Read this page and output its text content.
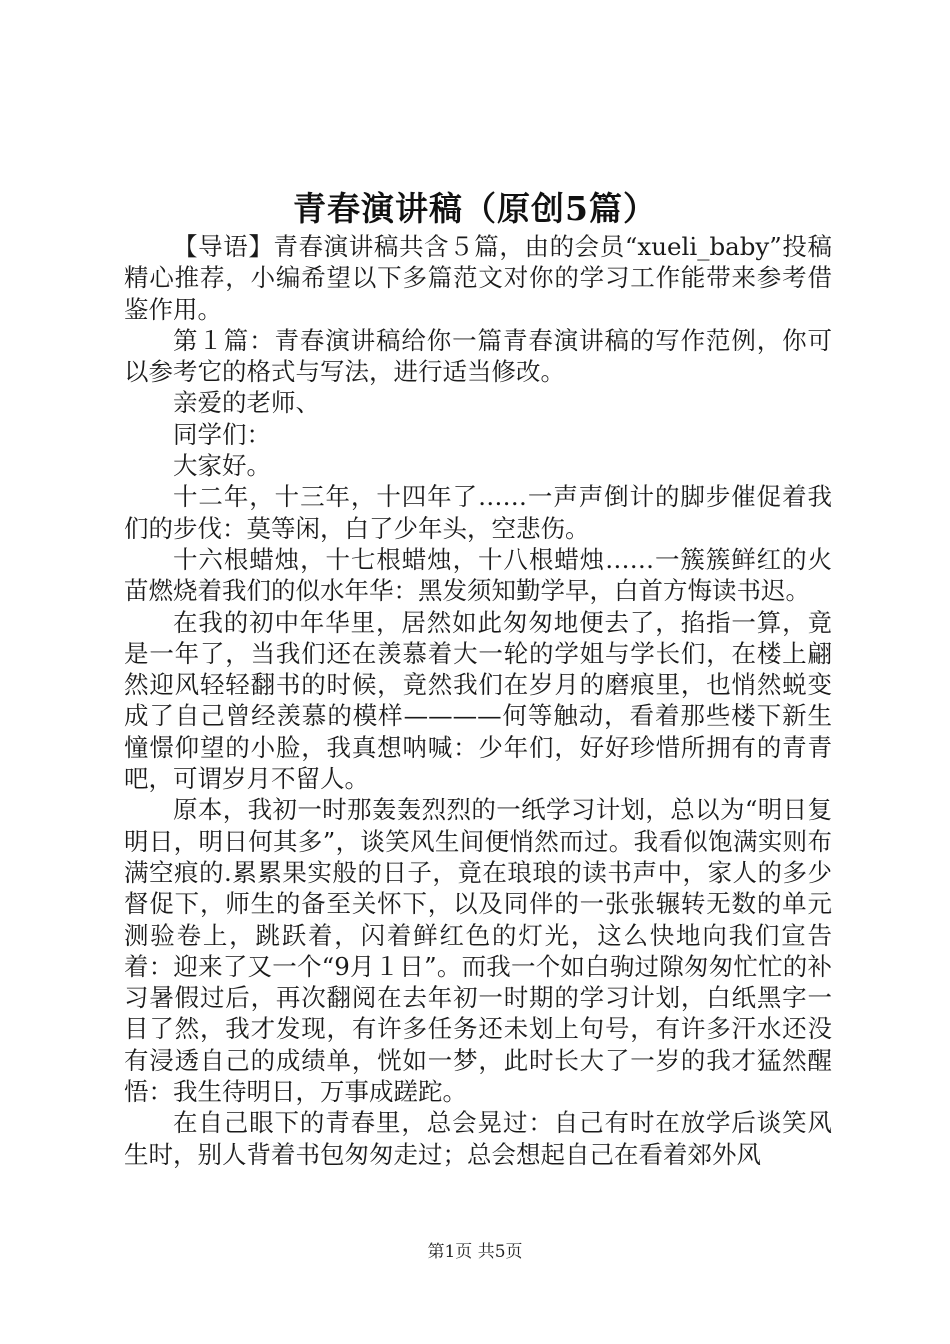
青春演讲稿（原创5篇）

【导语】青春演讲稿共含５篇，由的会员“xueli_baby”投稿精心推荐，小编希望以下多篇范文对你的学习工作能带来参考借鉴作用。

第１篇：青春演讲稿给你一篇青春演讲稿的写作范例，你可以参考它的格式与写法，进行适当修改。

亲爱的老师、

同学们：

大家好。

十二年，十三年，十四年了……一声声倒计的脚步催促着我们的步伐：莫等闲，白了少年头，空悲伤。

十六根蜡烛，十七根蜡烛，十八根蜡烛……一簇簇鲜红的火苗燃烧着我们的似水年华：黑发须知勤学早，白首方悔读书迟。

在我的初中年华里，居然如此匆匆地便去了，掐指一算，竟是一年了，当我们还在羡慕着大一轮的学姐与学长们，在楼上翩然迎风轻轻翻书的时候，竟然我们在岁月的磨痕里，也悄然蜕变成了自己曾经羡慕的模样————何等触动，看着那些楼下新生憧憬仰望的小脸，我真想呐喊：少年们，好好珍惜所拥有的青青吧，可谓岁月不留人。

原本，我初一时那轰轰烈烈的一纸学习计划，总以为“明日复明日，明日何其多”，谈笑风生间便悄然而过。我看似饱满实则布满空痕的.累累果实般的日子，竟在琅琅的读书声中，家人的多少督促下，师生的备至关怀下，以及同伴的一张张辗转无数的单元测验卷上，跳跃着，闪着鲜红色的灯光，这么快地向我们宣告着：迎来了又一个“9月１日”。而我一个如白驹过隙匆匆忙忙的补习暑假过后，再次翻阅在去年初一时期的学习计划，白纸黑字一目了然，我才发现，有许多任务还未划上句号，有许多汗水还没有浸透自己的成绩单，恍如一梦，此时长大了一岁的我才猛然醒悟：我生待明日，万事成蹉跎。

在自己眼下的青春里，总会晃过：自己有时在放学后谈笑风生时，别人背着书包匆匆走过；总会想起自己在看着郊外风

第1页 共5页
